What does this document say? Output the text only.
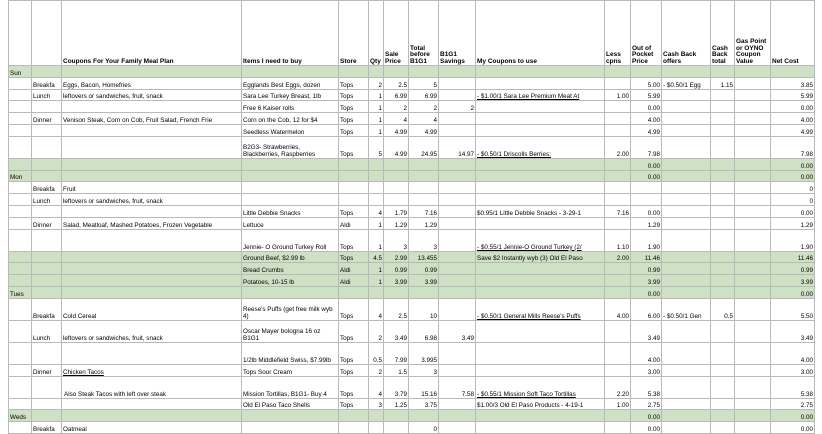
		Coupons For Your Family Meal Plan	Items I need to buy	Store	Qty	Sale Price	Total before B1G1	B1G1 Savings	My Coupons to use	Less cpns	Out of Pocket Price	Cash Back offers	Cash Back total	Gas Point or OYNO Coupon Value	Net Cost
Sun															
	Breakfa	Eggs, Bacon, Homefries	Egglands Best Eggs, dozen	Tops	2	2.5	5				5.00	- $0.50/1 Egg	1.15		3.85
	Lunch	leftovers or sandwiches, fruit, snack	Sara Lee Turkey Breast, 1lb	Tops	1	6.99	6.99		- $1.00/1 Sara Lee Premium Meat At	1.00	5.99				5.99
			Free 6 Kaiser rolls	Tops	1	2	2	2			0.00				0.00
	Dinner	Venison Steak, Corn on Cob, Fruit Salad, French Frie	Corn on the Cob, 12 for $4	Tops	1	4	4				4.00				4.00
			Seedless Watermelon	Tops	1	4.99	4.99				4.99				4.99
			B2G3- Strawberries, Blackberries, Raspberries	Tops	5	4.99	24.95	14.97	- $0.50/1 Driscolls Berries;	2.00	7.98				7.98
											0.00				0.00
Mon											0.00				0.00
	Breakfa	Fruit													0
	Lunch	leftovers or sandwiches, fruit, snack													0
			Little Debbie Snacks	Tops	4	1.79	7.16		$0.95/1 Little Debbie Snacks - 3-29-1	7.16	0.00				0.00
	Dinner	Salad, Meatloaf, Mashed Potatoes, Frozen Vegetable	Lettuce	Aldi	1	1.29	1.29				1.29				1.29
			Jennie- O Ground Turkey Roll	Tops	1	3	3		- $0.55/1 Jennie-O Ground Turkey (2/	1.10	1.90				1.90
			Ground Beef, $2.99 lb	Tops	4.5	2.99	13.455		Save $2 Instantly wyb (3) Old El Paso	2.00	11.46				11.46
			Bread Crumbs	Aldi	1	0.99	0.99				0.99				0.99
			Potatoes, 10-15 lb	Aldi	1	3.99	3.99				3.99				3.99
Tues											0.00				0.00
	Breakfa	Cold Cereal	Reese's Puffs (get free milk wyb 4)	Tops	4	2.5	10		- $0.50/1 General Mills Reese's Puffs	4.00	6.00	- $0.50/1 Gen	0.5		5.50
	Lunch	leftovers or sandwiches, fruit, snack	Oscar Mayer bologna 16 oz B1G1	Tops	2	3.49	6.98	3.49			3.49				3.49
			1/2lb Middlefield Swiss, $7.99lb	Tops	0.5	7.99	3.995				4.00				4.00
	Dinner	Chicken Tacos	Tops Sour Cream	Tops	2	1.5	3				3.00				3.00
		Also Steak Tacos with left over steak	Mission Tortillas, B1G1- Buy 4	Tops	4	3.79	15.16	7.58	- $0.55/1 Mission Soft Taco Tortillas	2.20	5.38				5.38
			Old El Paso Taco Shells	Tops	3	1.25	3.75		$1.00/3 Old El Paso Products - 4-19-1	1.00	2.75				2.75
Weds											0.00				0.00
	Breakfa	Oatmeal					0				0.00				0.00
